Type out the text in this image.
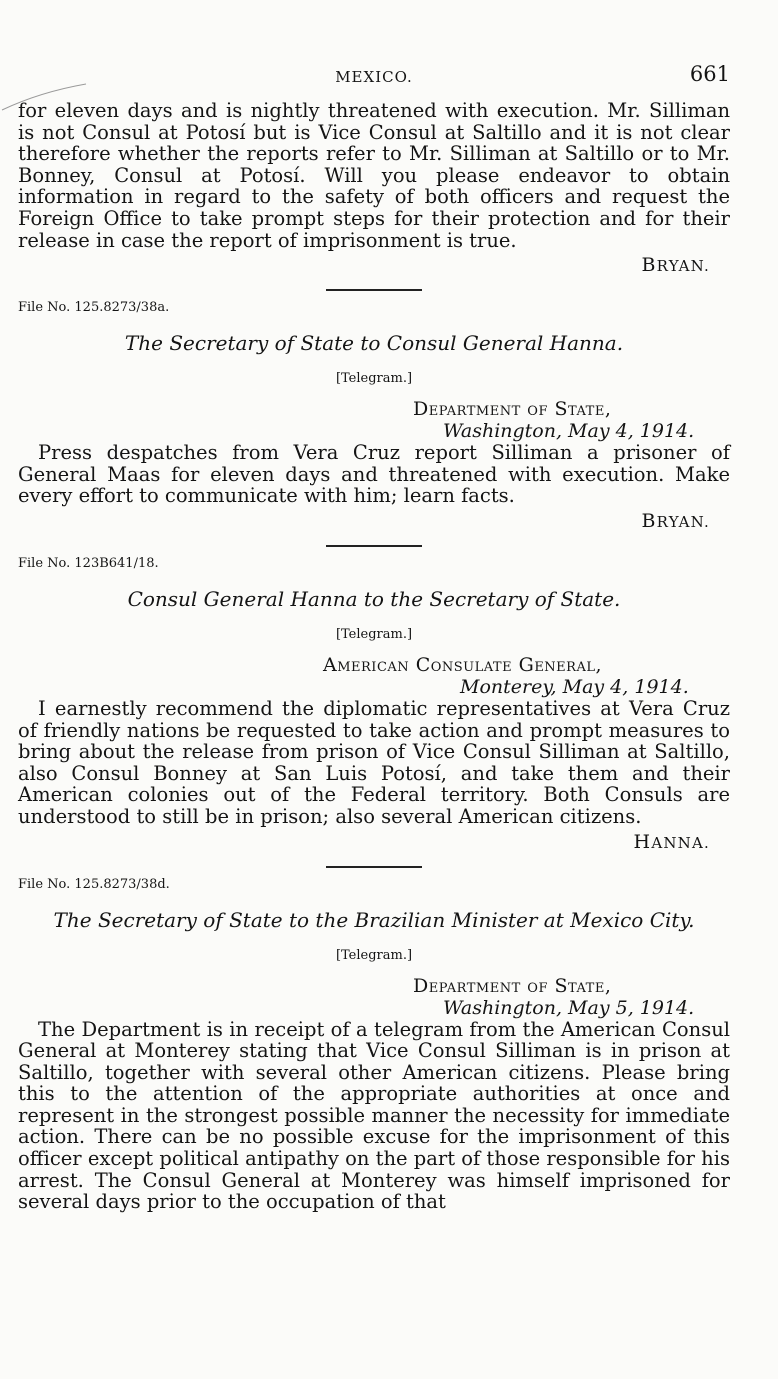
MEXICO.	661

for eleven days and is nightly threatened with execution. Mr. Silliman is not Consul at Potosí but is Vice Consul at Saltillo and it is not clear therefore whether the reports refer to Mr. Silliman at Saltillo or to Mr. Bonney, Consul at Potosí. Will you please endeavor to obtain information in regard to the safety of both officers and request the Foreign Office to take prompt steps for their protection and for their release in case the report of imprisonment is true.

BRYAN.
File No. 125.8273/38a.
The Secretary of State to Consul General Hanna.
[Telegram.]
Department of State,
Washington, May 4, 1914.

Press despatches from Vera Cruz report Silliman a prisoner of General Maas for eleven days and threatened with execution. Make every effort to communicate with him; learn facts.

BRYAN.
File No. 123B641/18.
Consul General Hanna to the Secretary of State.
[Telegram.]
American Consulate General,
Monterey, May 4, 1914.

I earnestly recommend the diplomatic representatives at Vera Cruz of friendly nations be requested to take action and prompt measures to bring about the release from prison of Vice Consul Silliman at Saltillo, also Consul Bonney at San Luis Potosí, and take them and their American colonies out of the Federal territory. Both Consuls are understood to still be in prison; also several American citizens.

HANNA.
File No. 125.8273/38d.
The Secretary of State to the Brazilian Minister at Mexico City.
[Telegram.]
Department of State,
Washington, May 5, 1914.

The Department is in receipt of a telegram from the American Consul General at Monterey stating that Vice Consul Silliman is in prison at Saltillo, together with several other American citizens. Please bring this to the attention of the appropriate authorities at once and represent in the strongest possible manner the necessity for immediate action. There can be no possible excuse for the imprisonment of this officer except political antipathy on the part of those responsible for his arrest. The Consul General at Monterey was himself imprisoned for several days prior to the occupation of that
